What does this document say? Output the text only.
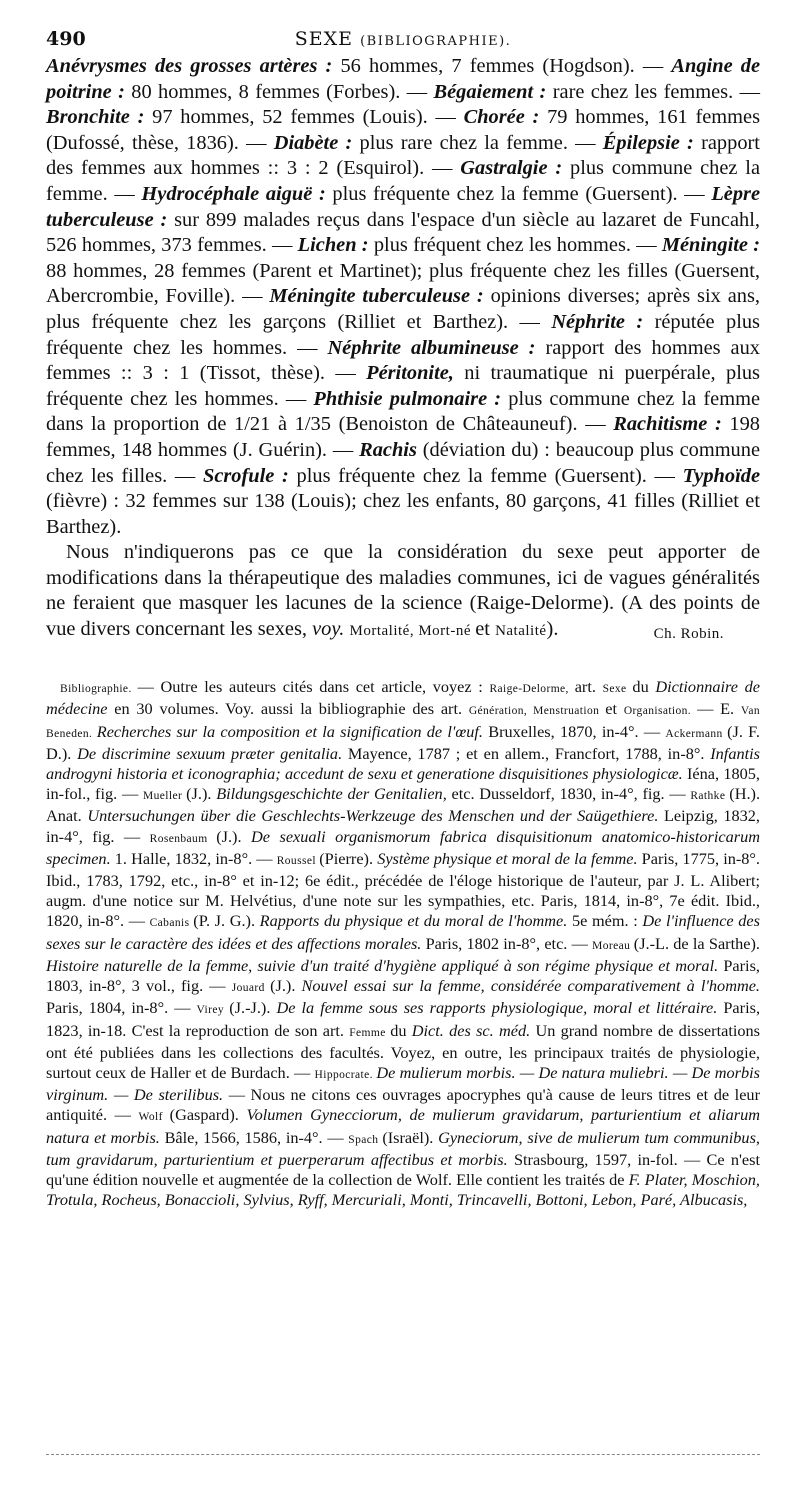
490	SEXE (BIBLIOGRAPHIE).

Anévrysmes des grosses artères : 56 hommes, 7 femmes (Hogdson). — Angine de poitrine : 80 hommes, 8 femmes (Forbes). — Bégaiement : rare chez les femmes. — Bronchite : 97 hommes, 52 femmes (Louis). — Chorée : 79 hommes, 161 femmes (Dufossé, thèse, 1836). — Diabète : plus rare chez la femme. — Épilepsie : rapport des femmes aux hommes :: 3 : 2 (Esquirol). — Gastralgie : plus commune chez la femme. — Hydrocéphale aiguë : plus fréquente chez la femme (Guersent). — Lèpre tuberculeuse : sur 899 malades reçus dans l'espace d'un siècle au lazaret de Funcahl, 526 hommes, 373 femmes. — Lichen : plus fréquent chez les hommes. — Méningite : 88 hommes, 28 femmes (Parent et Martinet); plus fréquente chez les filles (Guersent, Abercrombie, Foville). — Méningite tuberculeuse : opinions diverses; après six ans, plus fréquente chez les garçons (Rilliet et Barthez). — Néphrite : réputée plus fréquente chez les hommes. — Néphrite albumineuse : rapport des hommes aux femmes :: 3 : 1 (Tissot, thèse). — Péritonite, ni traumatique ni puerpérale, plus fréquente chez les hommes. — Phthisie pulmonaire : plus commune chez la femme dans la proportion de 1/21 à 1/35 (Benoiston de Châteauneuf). — Rachitisme : 198 femmes, 148 hommes (J. Guérin). — Rachis (déviation du) : beaucoup plus commune chez les filles. — Scrofule : plus fréquente chez la femme (Guersent). — Typhoïde (fièvre) : 32 femmes sur 138 (Louis); chez les enfants, 80 garçons, 41 filles (Rilliet et Barthez).

Nous n'indiquerons pas ce que la considération du sexe peut apporter de modifications dans la thérapeutique des maladies communes, ici de vagues généralités ne feraient que masquer les lacunes de la science (Raige-Delorme). (A des points de vue divers concernant les sexes, voy. Mortalité, Mort-né et Natalité).	Ch. Robin.

Bibliographie. — Outre les auteurs cités dans cet article, voyez : Raige-Delorme, art. Sexe du Dictionnaire de médecine en 30 volumes. Voy. aussi la bibliographie des art. Génération, Menstruation et Organisation. — E. Van Beneden. Recherches sur la composition et la signification de l'œuf. Bruxelles, 1870, in-4°. — Ackermann (J. F. D.). De discrimine sexuum præter genitalia. Mayence, 1787 ; et en allem., Francfort, 1788, in-8°. Infantis androgyni historia et iconographia; accedunt de sexu et generatione disquisitiones physiologicæ. Iéna, 1805, in-fol., fig. — Mueller (J.). Bildungsgeschichte der Genitalien, etc. Dusseldorf, 1830, in-4°, fig. — Rathke (H.). Anat. Untersuchungen über die Geschlechts-Werkzeuge des Menschen und der Saügethiere. Leipzig, 1832, in-4°, fig. — Rosenbaum (J.). De sexuali organismorum fabrica disquisitionum anatomico-historicarum specimen. 1. Halle, 1832, in-8°. — Roussel (Pierre). Système physique et moral de la femme. Paris, 1775, in-8°. Ibid., 1783, 1792, etc., in-8° et in-12; 6e édit., précédée de l'éloge historique de l'auteur, par J. L. Alibert; augm. d'une notice sur M. Helvétius, d'une note sur les sympathies, etc. Paris, 1814, in-8°, 7e édit. Ibid., 1820, in-8°. — Cabanis (P. J. G.). Rapports du physique et du moral de l'homme. 5e mém. : De l'influence des sexes sur le caractère des idées et des affections morales. Paris, 1802 in-8°, etc. — Moreau (J.-L. de la Sarthe). Histoire naturelle de la femme, suivie d'un traité d'hygiène appliqué à son régime physique et moral. Paris, 1803, in-8°, 3 vol., fig. — Jouard (J.). Nouvel essai sur la femme, considérée comparativement à l'homme. Paris, 1804, in-8°. — Virey (J.-J.). De la femme sous ses rapports physiologique, moral et littéraire. Paris, 1823, in-18. C'est la reproduction de son art. Femme du Dict. des sc. méd. Un grand nombre de dissertations ont été publiées dans les collections des facultés. Voyez, en outre, les principaux traités de physiologie, surtout ceux de Haller et de Burdach. — Hippocrate. De mulierum morbis. — De natura muliebri. — De morbis virginum. — De sterilibus. — Nous ne citons ces ouvrages apocryphes qu'à cause de leurs titres et de leur antiquité. — Wolf (Gaspard). Volumen Gynecciorum, de mulierum gravidarum, parturientium et aliarum natura et morbis. Bâle, 1566, 1586, in-4°. — Spach (Israël). Gyneciorum, sive de mulierum tum communibus, tum gravidarum, parturientium et puerperarum affectibus et morbis. Strasbourg, 1597, in-fol. — Ce n'est qu'une édition nouvelle et augmentée de la collection de Wolf. Elle contient les traités de F. Plater, Moschion, Trotula, Rocheus, Bonaccioli, Sylvius, Ryff, Mercuriali, Monti, Trincavelli, Bottoni, Lebon, Paré, Albucasis,
